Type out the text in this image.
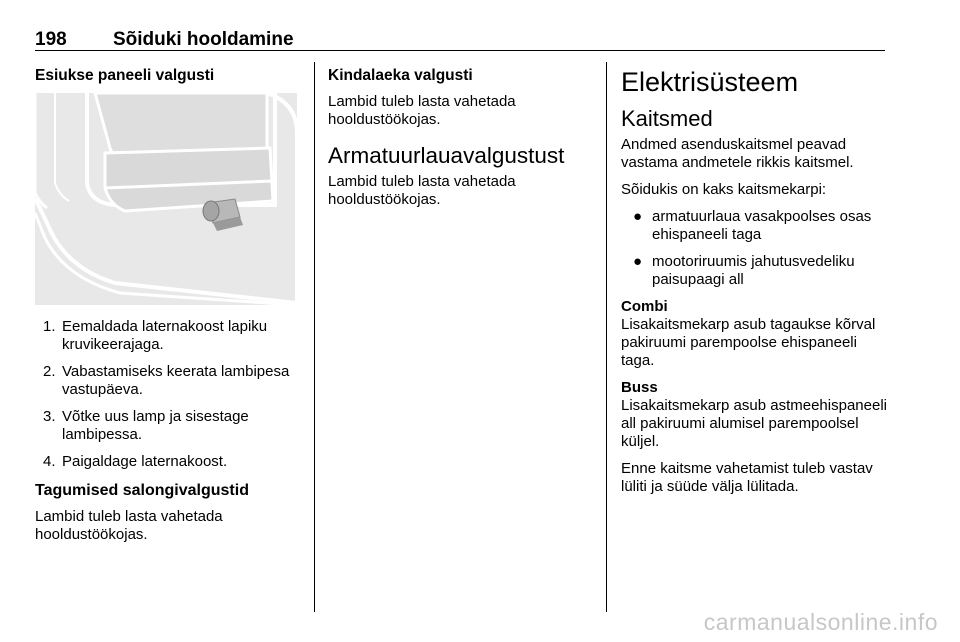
198 Sõiduki hooldamine
Esiukse paneeli valgusti
1. Eemaldada laternakoost lapiku kruvikeerajaga.
2. Vabastamiseks keerata lambipesa vastupäeva.
3. Võtke uus lamp ja sisestage lambipessa.
4. Paigaldage laternakoost.
Tagumised salongivalgustid
Lambid tuleb lasta vahetada hooldustöökojas.
Kindalaeka valgusti
Lambid tuleb lasta vahetada hooldustöökojas.
Armatuurlauavalgustust
Lambid tuleb lasta vahetada hooldustöökojas.
Elektrisüsteem
Kaitsmed
Andmed asenduskaitsmel peavad vastama andmetele rikkis kaitsmel.
Sõidukis on kaks kaitsmekarpi:
● armatuurlaua vasakpoolses osas ehispaneeli taga
● mootoriruumis jahutusvedeliku paisupaagi all
Combi
Lisakaitsmekarp asub tagaukse kõrval pakiruumi parempoolse ehispaneeli taga.
Buss
Lisakaitsmekarp asub astmeehispaneeli all pakiruumi alumisel parempoolsel küljel.
Enne kaitsme vahetamist tuleb vastav lüliti ja süüde välja lülitada.
carmanualsonline.info
